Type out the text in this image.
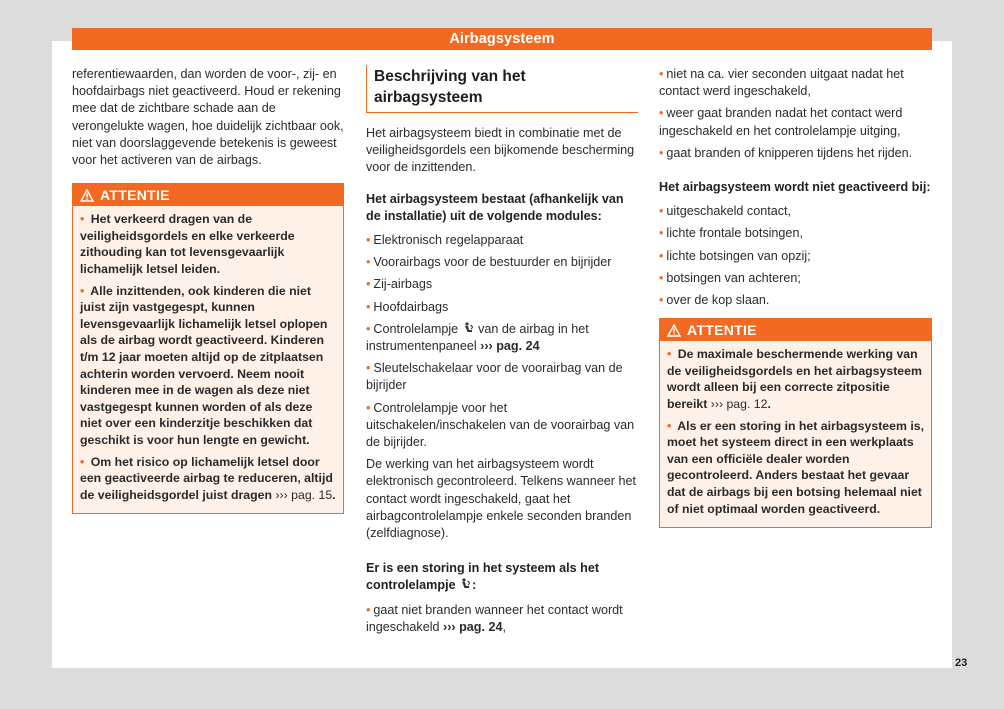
Airbagsysteem

referentiewaarden, dan worden de voor-, zij- en hoofdairbags niet geactiveerd. Houd er rekening mee dat de zichtbare schade aan de verongelukte wagen, hoe duidelijk zichtbaar ook, niet van doorslaggevende betekenis is geweest voor het activeren van de airbags.

ATTENTIE

• Het verkeerd dragen van de veiligheidsgordels en elke verkeerde zithouding kan tot levensgevaarlijk lichamelijk letsel leiden.

• Alle inzittenden, ook kinderen die niet juist zijn vastgegespt, kunnen levensgevaarlijk lichamelijk letsel oplopen als de airbag wordt geactiveerd. Kinderen t/m 12 jaar moeten altijd op de zitplaatsen achterin worden vervoerd. Neem nooit kinderen mee in de wagen als deze niet vastgegespt kunnen worden of als deze niet over een kinderzitje beschikken dat geschikt is voor hun lengte en gewicht.

• Om het risico op lichamelijk letsel door een geactiveerde airbag te reduceren, altijd de veiligheidsgordel juist dragen ››› pag. 15.

Beschrijving van het airbagsysteem

Het airbagsysteem biedt in combinatie met de veiligheidsgordels een bijkomende bescherming voor de inzittenden.

Het airbagsysteem bestaat (afhankelijk van de installatie) uit de volgende modules:

• Elektronisch regelapparaat

• Voorairbags voor de bestuurder en bijrijder

• Zij-airbags

• Hoofdairbags

• Controlelampje van de airbag in het instrumentenpaneel ››› pag. 24

• Sleutelschakelaar voor de voorairbag van de bijrijder

• Controlelampje voor het uitschakelen/inschakelen van de voorairbag van de bijrijder.

De werking van het airbagsysteem wordt elektronisch gecontroleerd. Telkens wanneer het contact wordt ingeschakeld, gaat het airbagcontrolelampje enkele seconden branden (zelfdiagnose).

Er is een storing in het systeem als het controlelampje :

• gaat niet branden wanneer het contact wordt ingeschakeld ››› pag. 24,

• niet na ca. vier seconden uitgaat nadat het contact werd ingeschakeld,

• weer gaat branden nadat het contact werd ingeschakeld en het controlelampje uitging,

• gaat branden of knipperen tijdens het rijden.

Het airbagsysteem wordt niet geactiveerd bij:

• uitgeschakeld contact,

• lichte frontale botsingen,

• lichte botsingen van opzij;

• botsingen van achteren;

• over de kop slaan.

ATTENTIE

• De maximale beschermende werking van de veiligheidsgordels en het airbagsysteem wordt alleen bij een correcte zitpositie bereikt ››› pag. 12.

• Als er een storing in het airbagsysteem is, moet het systeem direct in een werkplaats van een officiële dealer worden gecontroleerd. Anders bestaat het gevaar dat de airbags bij een botsing helemaal niet of niet optimaal worden geactiveerd.

23
